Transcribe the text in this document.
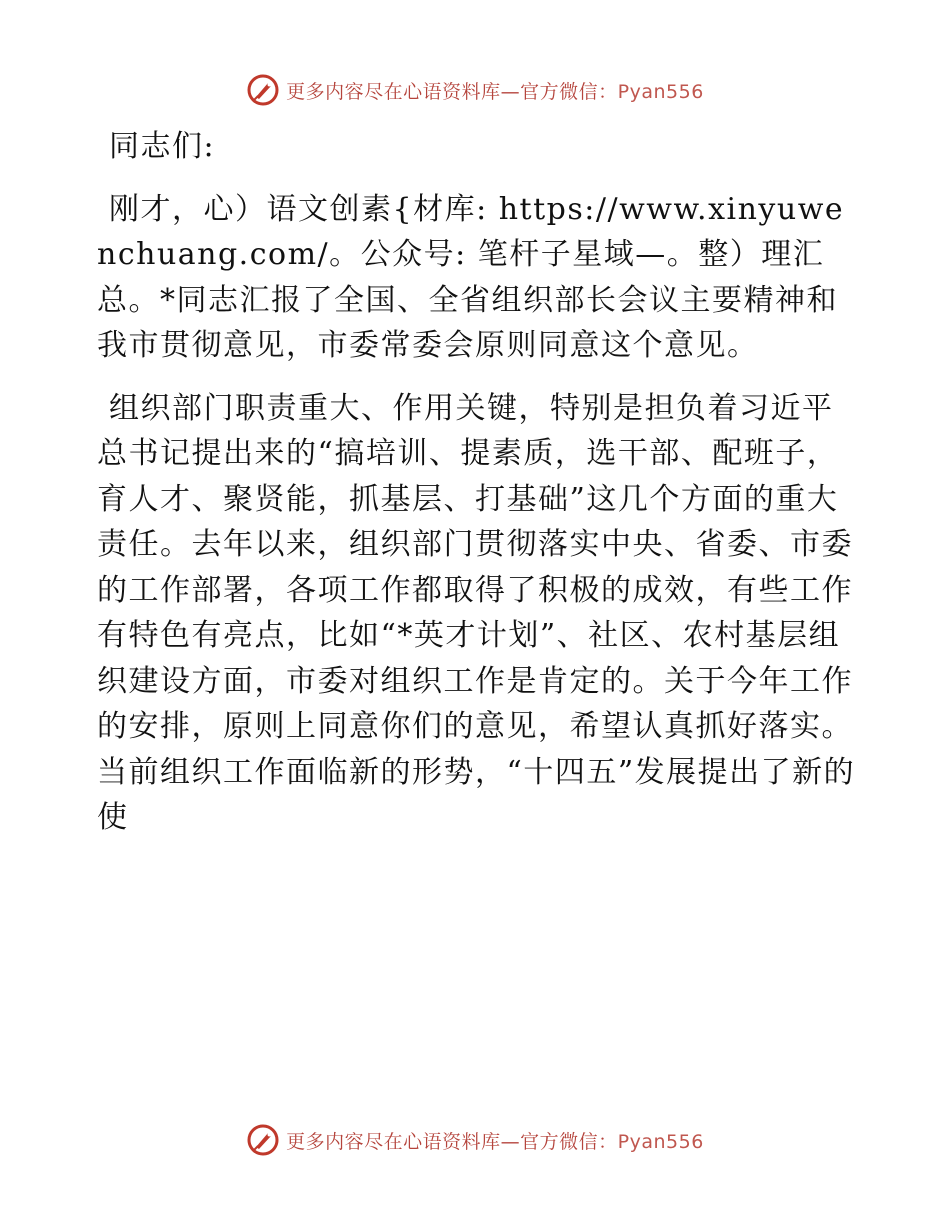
更多内容尽在心语资料库—官方微信：Pyan556

同志们:

刚才，心）语文创素{材库: https://www.xinyuwenchuang.com/。公众号: 笔杆子星域—。整）理汇总。*同志汇报了全国、全省组织部长会议主要精神和我市贯彻意见，市委常委会原则同意这个意见。

组织部门职责重大、作用关键，特别是担负着习近平总书记提出来的“搞培训、提素质，选干部、配班子，育人才、聚贤能，抓基层、打基础”这几个方面的重大责任。去年以来，组织部门贯彻落实中央、省委、市委的工作部署，各项工作都取得了积极的成效，有些工作有特色有亮点，比如“*英才计划”、社区、农村基层组织建设方面，市委对组织工作是肯定的。关于今年工作的安排，原则上同意你们的意见，希望认真抓好落实。当前组织工作面临新的形势，“十四五”发展提出了新的使

更多内容尽在心语资料库—官方微信：Pyan556
